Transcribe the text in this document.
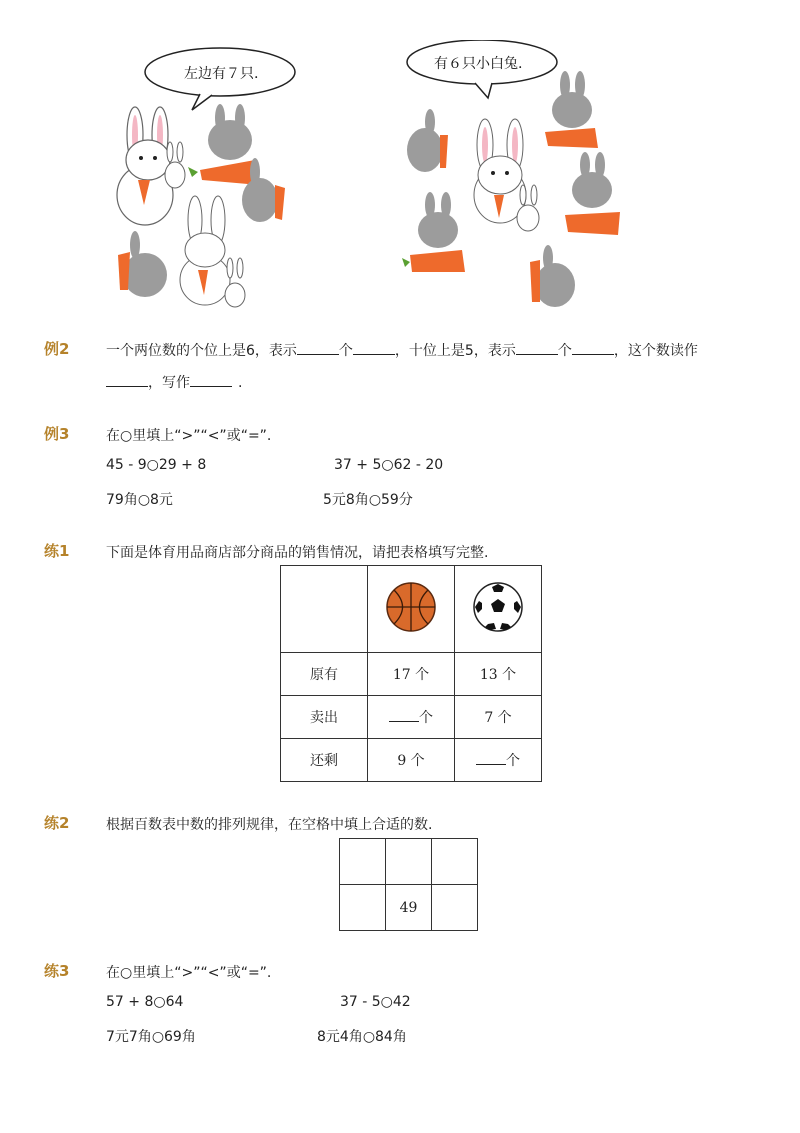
左边有７只.
有６只小白兔.
例2	一个两位数的个位上是6，表示	个	，十位上是5，表示	个	，这个数读作
，写作	.
例3	在○里填上“>”“<”或“=”.
45 - 9○29 + 8	37 + 5○62 - 20
79角○8元	5元8角○59分
练1	下面是体育用品商店部分商品的销售情况，请把表格填写完整.

原有	17 个	13 个
卖出	个	7 个
还剩	9 个	个
练2	根据百数表中数的排列规律，在空格中填上合适的数.

	49	
练3	在○里填上“>”“<”或“=”.
57 + 8○64	37 - 5○42
7元7角○69角	8元4角○84角
